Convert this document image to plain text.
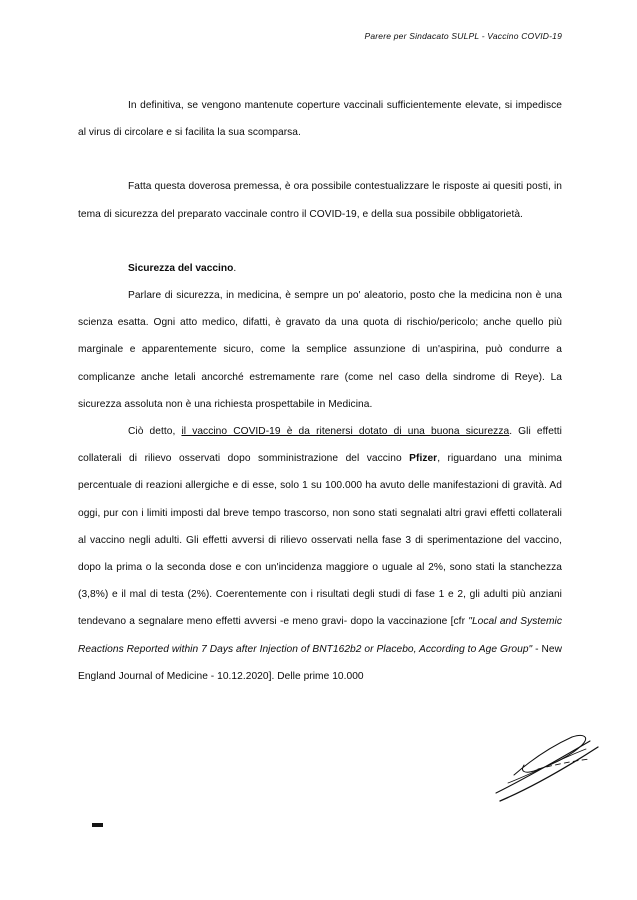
Parere per Sindacato SULPL - Vaccino COVID-19

In definitiva, se vengono mantenute coperture vaccinali sufficientemente elevate, si impedisce al virus di circolare e si facilita la sua scomparsa.

Fatta questa doverosa premessa, è ora possibile contestualizzare le risposte ai quesiti posti, in tema di sicurezza del preparato vaccinale contro il COVID-19, e della sua possibile obbligatorietà.

Sicurezza del vaccino.

Parlare di sicurezza, in medicina, è sempre un po' aleatorio, posto che la medicina non è una scienza esatta. Ogni atto medico, difatti, è gravato da una quota di rischio/pericolo; anche quello più marginale e apparentemente sicuro, come la semplice assunzione di un'aspirina, può condurre a complicanze anche letali ancorché estremamente rare (come nel caso della sindrome di Reye). La sicurezza assoluta non è una richiesta prospettabile in Medicina.

Ciò detto, il vaccino COVID-19 è da ritenersi dotato di una buona sicurezza. Gli effetti collaterali di rilievo osservati dopo somministrazione del vaccino Pfizer, riguardano una minima percentuale di reazioni allergiche e di esse, solo 1 su 100.000 ha avuto delle manifestazioni di gravità. Ad oggi, pur con i limiti imposti dal breve tempo trascorso, non sono stati segnalati altri gravi effetti collaterali al vaccino negli adulti. Gli effetti avversi di rilievo osservati nella fase 3 di sperimentazione del vaccino, dopo la prima o la seconda dose e con un'incidenza maggiore o uguale al 2%, sono stati la stanchezza (3,8%) e il mal di testa (2%). Coerentemente con i risultati degli studi di fase 1 e 2, gli adulti più anziani tendevano a segnalare meno effetti avversi -e meno gravi- dopo la vaccinazione [cfr "Local and Systemic Reactions Reported within 7 Days after Injection of BNT162b2 or Placebo, According to Age Group" - New England Journal of Medicine - 10.12.2020]. Delle prime 10.000
